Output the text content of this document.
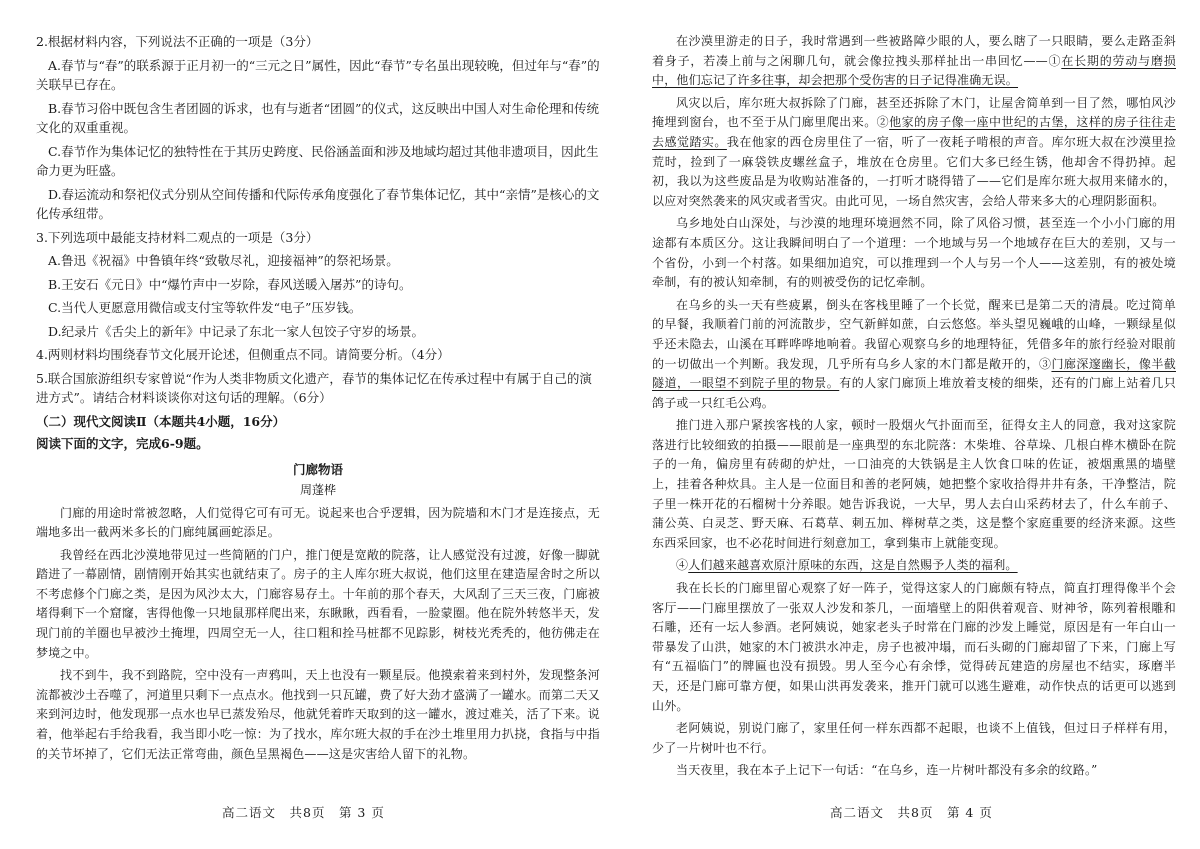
2.根据材料内容，下列说法不正确的一项是（3分）

A.春节与“春”的联系源于正月初一的“三元之日”属性，因此“春节”专名虽出现较晚，但过年与“春”的关联早已存在。

B.春节习俗中既包含生者团圆的诉求，也有与逝者“团圆”的仪式，这反映出中国人对生命伦理和传统文化的双重重视。

C.春节作为集体记忆的独特性在于其历史跨度、民俗涵盖面和涉及地域均超过其他非遗项目，因此生命力更为旺盛。

D.春运流动和祭祀仪式分别从空间传播和代际传承角度强化了春节集体记忆，其中“亲情”是核心的文化传承纽带。

3.下列选项中最能支持材料二观点的一项是（3分）

A.鲁迅《祝福》中鲁镇年终“致敬尽礼，迎接福神”的祭祀场景。

B.王安石《元日》中“爆竹声中一岁除，春风送暖入屠苏”的诗句。

C.当代人更愿意用微信或支付宝等软件发“电子”压岁钱。

D.纪录片《舌尖上的新年》中记录了东北一家人包饺子守岁的场景。

4.两则材料均围绕春节文化展开论述，但侧重点不同。请简要分析。（4分）

5.联合国旅游组织专家曾说“作为人类非物质文化遗产，春节的集体记忆在传承过程中有属于自己的演进方式”。请结合材料谈谈你对这句话的理解。（6分）

（二）现代文阅读Ⅱ（本题共4小题，16分）

阅读下面的文字，完成6-9题。

门廊物语

周蓬桦

门廊的用途时常被忽略，人们觉得它可有可无。说起来也合乎逻辑，因为院墙和木门才是连接点，无端地多出一截两米多长的门廊纯属画蛇添足。

我曾经在西北沙漠地带见过一些简陋的门户，推门便是宽敞的院落，让人感觉没有过渡，好像一脚就踏进了一幕剧情，剧情刚开始其实也就结束了。房子的主人库尔班大叔说，他们这里在建造屋舍时之所以不考虑修个门廊之类，是因为风沙太大，门廊容易存土。十年前的那个春天，大风刮了三天三夜，门廊被堵得剩下一个窟窿，害得他像一只地鼠那样爬出来，东瞅瞅，西看看，一脸蒙圈。他在院外转悠半天，发现门前的羊圈也早被沙土掩埋，四周空无一人，往口粗和拴马桩都不见踪影，树枝光秃秃的，他彷佛走在梦境之中。

找不到牛，我不到路院，空中没有一声鸦叫，天上也没有一颗星辰。他摸索着来到村外，发现整条河流都被沙土吞噬了，河道里只剩下一点点水。他找到一只瓦罐，费了好大劲才盛满了一罐水。而第二天又来到河边时，他发现那一点水也早已蒸发殆尽，他就凭着昨天取到的这一罐水，渡过难关，活了下来。说着，他举起右手给我看，我当即小吃一惊：为了找水，库尔班大叔的手在沙土堆里用力扒挠，食指与中指的关节坏掉了，它们无法正常弯曲，颜色呈黑褐色——这是灾害给人留下的礼物。

在沙漠里游走的日子，我时常遇到一些被路障少眼的人，要么瞎了一只眼睛，要么走路歪斜着身子，若凑上前与之闲聊几句，就会像拉拽头那样扯出一串回忆——①在长期的劳动与磨损中，他们忘记了许多往事，却会把那个受伤害的日子记得准确无误。

风灾以后，库尔班大叔拆除了门廊，甚至还拆除了木门，让屋舍简单到一目了然，哪怕风沙掩埋到窗台，也不至于从门廊里爬出来。②他家的房子像一座中世纪的古堡，这样的房子往往走去感觉踏实。我在他家的西仓房里住了一宿，听了一夜耗子啃根的声音。库尔班大叔在沙漠里捡荒时，捡到了一麻袋铁皮螺丝盒子，堆放在仓房里。它们大多已经生锈，他却舍不得扔掉。起初，我以为这些废品是为收购站准备的，一打听才晓得错了——它们是库尔班大叔用来储水的，以应对突然袭来的风灾或者雪灾。由此可见，一场自然灾害，会给人带来多大的心理阴影面积。

乌乡地处白山深处，与沙漠的地理环境迥然不同，除了风俗习惯，甚至连一个小小门廊的用途都有本质区分。这让我瞬间明白了一个道理：一个地域与另一个地域存在巨大的差别，又与一个省份，小到一个村落。如果细加追究，可以推理到一个人与另一个人——这差别，有的被处境牵制，有的被认知牵制，有的则被受伤的记忆牵制。

在乌乡的头一天有些疲累，倒头在客栈里睡了一个长觉，醒来已是第二天的清晨。吃过简单的早餐，我顺着门前的河流散步，空气新鲜如蔗，白云悠悠。举头望见巍峨的山峰，一颗绿星似乎还未隐去，山溪在耳畔哗哗地响着。我留心观察乌乡的地理特征，凭借多年的旅行经验对眼前的一切做出一个判断。我发现，几乎所有乌乡人家的木门都是敞开的，③门廊深邃幽长，像半截隧道，一眼望不到院子里的物景。有的人家门廊顶上堆放着支棱的细柴，还有的门廊上站着几只鸽子或一只红毛公鸡。

推门进入那户紧挨客栈的人家，顿时一股烟火气扑面而至，征得女主人的同意，我对这家院落进行比较细致的拍摄——眼前是一座典型的东北院落：木柴堆、谷草垛、几根白桦木横卧在院子的一角，偏房里有砖砌的炉灶，一口油亮的大铁锅是主人饮食口味的佐证，被烟熏黑的墙壁上，挂着各种炊具。主人是一位面目和善的老阿姨，她把整个家收拾得井井有条，干净整洁，院子里一株开花的石榴树十分养眼。她告诉我说，一大早，男人去白山采药材去了，什么车前子、蒲公英、白灵芝、野天麻、石葛草、刺五加、榉树草之类，这是整个家庭重要的经济来源。这些东西采回家，也不必花时间进行刻意加工，拿到集市上就能变现。

④人们越来越喜欢原汁原味的东西，这是自然赐予人类的福利。

我在长长的门廊里留心观察了好一阵子，觉得这家人的门廊颇有特点，简直打理得像半个会客厅——门廊里摆放了一张双人沙发和茶几，一面墙壁上的阳供着观音、财神爷，陈列着根雕和石雕，还有一坛人参酒。老阿姨说，她家老头子时常在门廊的沙发上睡觉，原因是有一年白山一带暴发了山洪，她家的木门被洪水冲走，房子也被冲塌，而石头砌的门廊却留了下来，门廊上写有“五福临门”的牌匾也没有损毁。男人至今心有余悸，觉得砖瓦建造的房屋也不结实，琢磨半天，还是门廊可靠方便，如果山洪再发袭来，推开门就可以逃生避难，动作快点的话更可以逃到山外。

老阿姨说，别说门廊了，家里任何一样东西都不起眼，也谈不上值钱，但过日子样样有用，少了一片树叶也不行。

当天夜里，我在本子上记下一句话：“在乌乡，连一片树叶都没有多余的纹路。”

高二语文　共8页　第 3 页	高二语文　共8页　第 4 页
